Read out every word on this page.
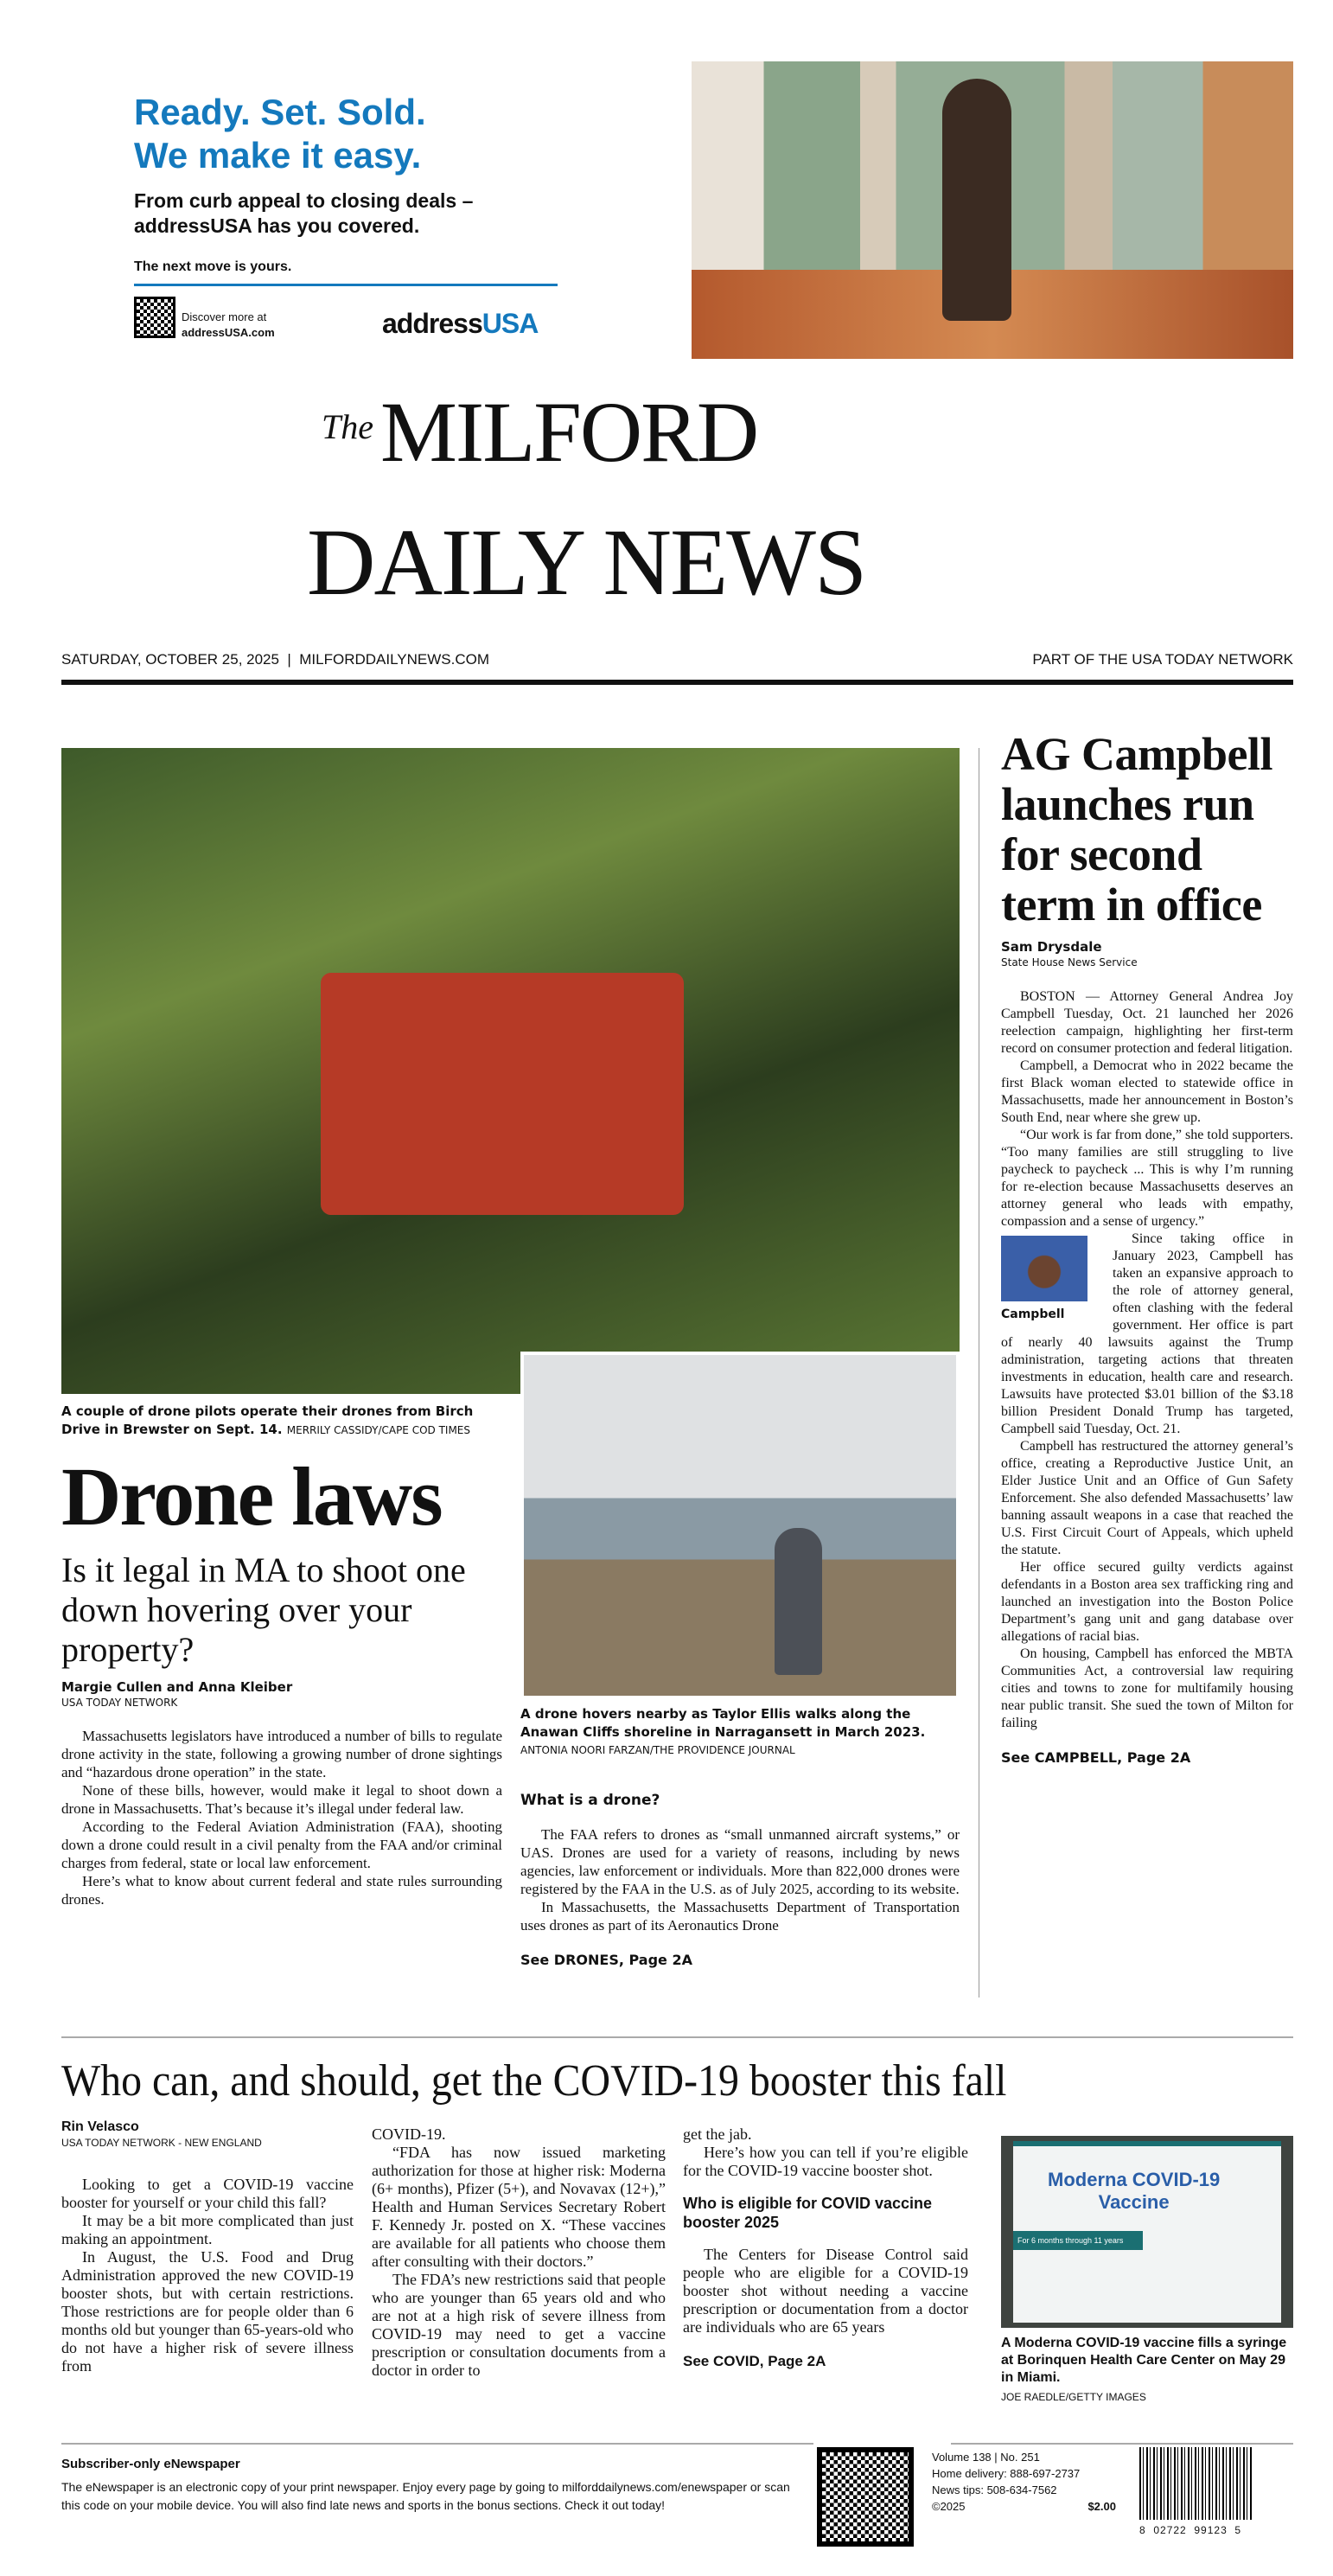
Ready. Set. Sold.
We make it easy.
From curb appeal to closing deals –
addressUSA has you covered.
The next move is yours.
Discover more at
addressUSA.com	addressUSA
The MILFORD
DAILY NEWS
SATURDAY, OCTOBER 25, 2025  |  MILFORDDAILYNEWS.COM	PART OF THE USA TODAY NETWORK
A couple of drone pilots operate their drones from Birch Drive in Brewster on Sept. 14. MERRILY CASSIDY/CAPE COD TIMES
Drone laws
Is it legal in MA to shoot one down hovering over your property?
Margie Cullen and Anna Kleiber
USA TODAY NETWORK

Massachusetts legislators have introduced a number of bills to regulate drone activity in the state, following a growing number of drone sightings and “hazardous drone operation” in the state.

None of these bills, however, would make it legal to shoot down a drone in Massachusetts. That’s because it’s illegal under federal law.

According to the Federal Aviation Administration (FAA), shooting down a drone could result in a civil penalty from the FAA and/or criminal charges from federal, state or local law enforcement.

Here’s what to know about current federal and state rules surrounding drones.

A drone hovers nearby as Taylor Ellis walks along the Anawan Cliffs shoreline in Narragansett in March 2023.
ANTONIA NOORI FARZAN/THE PROVIDENCE JOURNAL
What is a drone?

The FAA refers to drones as “small unmanned aircraft systems,” or UAS. Drones are used for a variety of reasons, including by news agencies, law enforcement or individuals. More than 822,000 drones were registered by the FAA in the U.S. as of July 2025, according to its website.

In Massachusetts, the Massachusetts Department of Transportation uses drones as part of its Aeronautics Drone

See DRONES, Page 2A
AG Campbell launches run for second term in office
Sam Drysdale
State House News Service

BOSTON — Attorney General Andrea Joy Campbell Tuesday, Oct. 21 launched her 2026 reelection campaign, highlighting her first-term record on consumer protection and federal litigation.

Campbell, a Democrat who in 2022 became the first Black woman elected to statewide office in Massachusetts, made her announcement in Boston’s South End, near where she grew up.

“Our work is far from done,” she told supporters. “Too many families are still struggling to live paycheck to paycheck ... This is why I’m running for re-election because Massachusetts deserves an attorney general who leads with empathy, compassion and a sense of urgency.”

Campbell

Since taking office in January 2023, Campbell has taken an expansive approach to the role of attorney general, often clashing with the federal government. Her office is part of nearly 40 lawsuits against the Trump administration, targeting actions that threaten investments in education, health care and research. Lawsuits have protected $3.01 billion of the $3.18 billion President Donald Trump has targeted, Campbell said Tuesday, Oct. 21.

Campbell has restructured the attorney general’s office, creating a Reproductive Justice Unit, an Elder Justice Unit and an Office of Gun Safety Enforcement. She also defended Massachusetts’ law banning assault weapons in a case that reached the U.S. First Circuit Court of Appeals, which upheld the statute.

Her office secured guilty verdicts against defendants in a Boston area sex trafficking ring and launched an investigation into the Boston Police Department’s gang unit and gang database over allegations of racial bias.

On housing, Campbell has enforced the MBTA Communities Act, a controversial law requiring cities and towns to zone for multifamily housing near public transit. She sued the town of Milton for failing

See CAMPBELL, Page 2A
Who can, and should, get the COVID-19 booster this fall
Rin Velasco
USA TODAY NETWORK - NEW ENGLAND

Looking to get a COVID-19 vaccine booster for yourself or your child this fall?

It may be a bit more complicated than just making an appointment.

In August, the U.S. Food and Drug Administration approved the new COVID-19 booster shots, but with certain restrictions. Those restrictions are for people older than 6 months old but younger than 65-years-old who do not have a higher risk of severe illness from

COVID-19.

“FDA has now issued marketing authorization for those at higher risk: Moderna (6+ months), Pfizer (5+), and Novavax (12+),” Health and Human Services Secretary Robert F. Kennedy Jr. posted on X. “These vaccines are available for all patients who choose them after consulting with their doctors.”

The FDA’s new restrictions said that people who are younger than 65 years old and who are not at a high risk of severe illness from COVID-19 may need to get a vaccine prescription or consultation documents from a doctor in order to

get the jab.

Here’s how you can tell if you’re eligible for the COVID-19 vaccine booster shot.

Who is eligible for COVID vaccine booster 2025

The Centers for Disease Control said people who are eligible for a COVID-19 booster shot without needing a vaccine prescription or documentation from a doctor are individuals who are 65 years

See COVID, Page 2A
Moderna COVID-19
Vaccine
For 6 months through 11 years
A Moderna COVID-19 vaccine fills a syringe at Borinquen Health Care Center on May 29 in Miami.
JOE RAEDLE/GETTY IMAGES
Subscriber-only eNewspaper
The eNewspaper is an electronic copy of your print newspaper. Enjoy every page by going to milforddailynews.com/enewspaper or scan this code on your mobile device. You will also find late news and sports in the bonus sections. Check it out today!
Volume 138 | No. 251
Home delivery: 888-697-2737
News tips: 508-634-7562
©2025	$2.00
8  02722  99123  5
